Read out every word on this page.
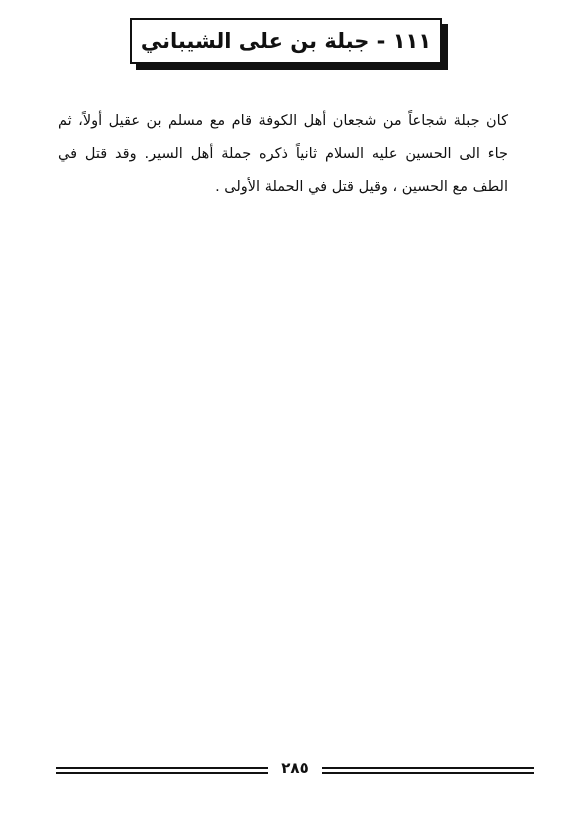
١١١ - جبلة بن على الشيباني

كان جبلة شجاعاً من شجعان أهل الكوفة قام مع مسلم بن عقيل أولاً، ثم جاء الى الحسين عليه السلام ثانياً ذكره جملة أهل السير. وقد قتل في الطف مع الحسين ، وقيل قتل في الحملة الأولى .

٢٨٥
